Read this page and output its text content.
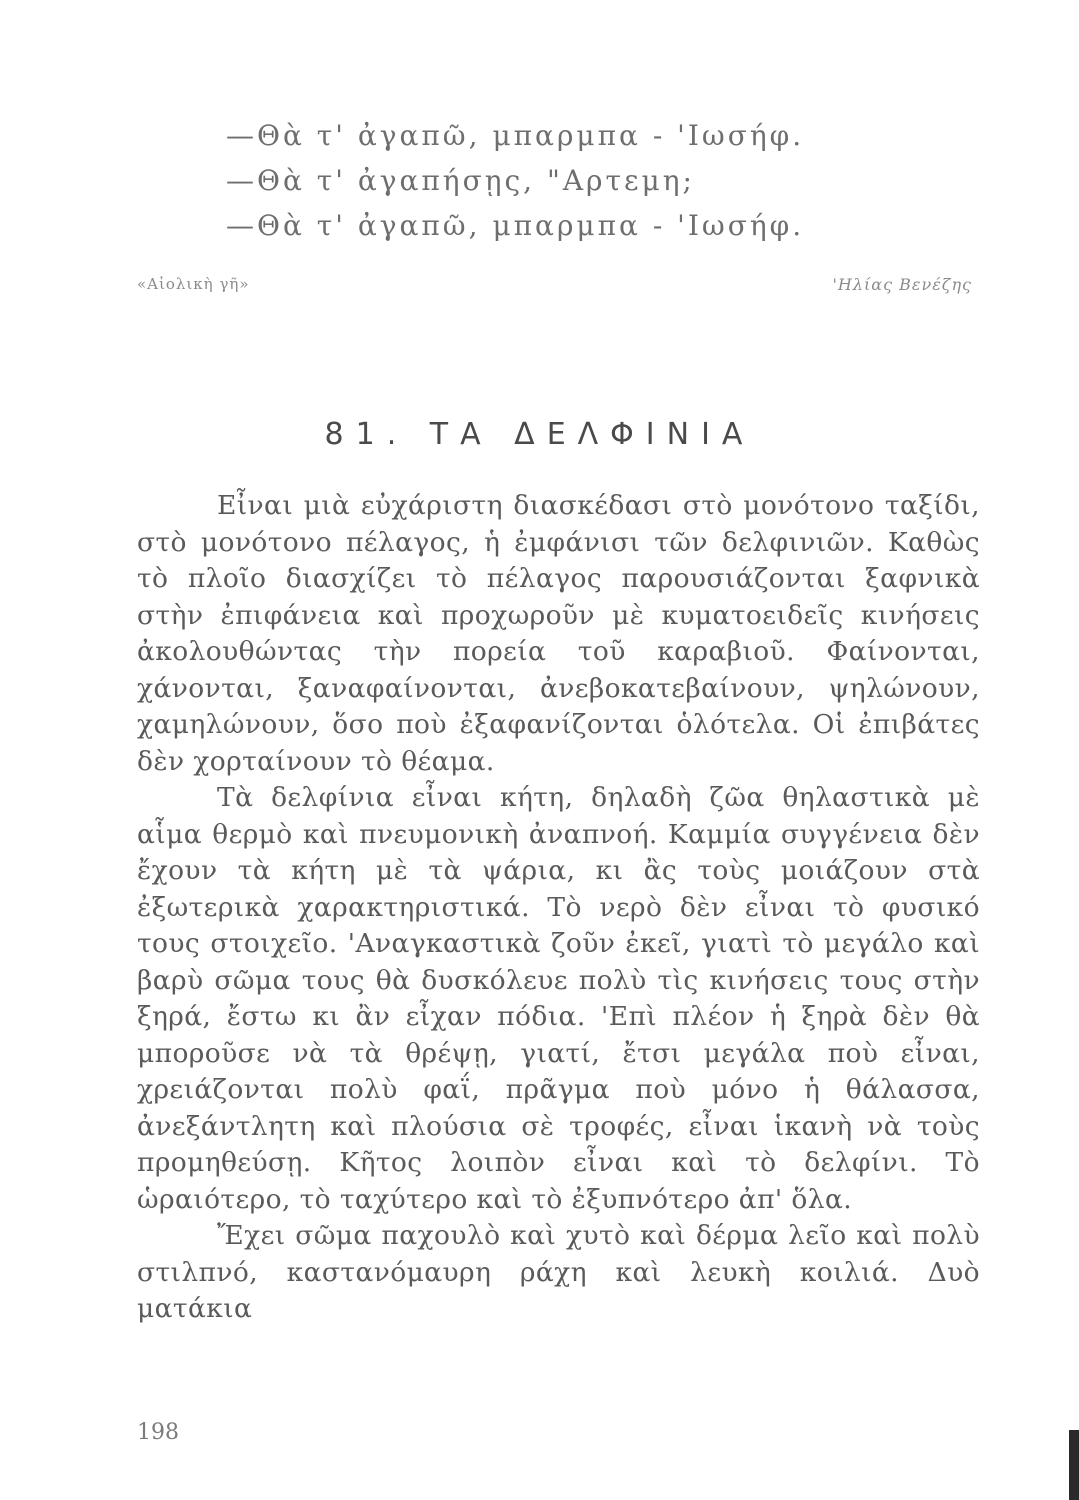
—Θὰ τ' ἀγαπῶ, μπαρμπα - 'Ιωσήφ.
—Θὰ τ' ἀγαπήσῃς, "Αρτεμη;
—Θὰ τ' ἀγαπῶ, μπαρμπα - 'Ιωσήφ.
«Αἰολικὴ γῆ»	'Ηλίας Βενέζης
81. ΤΑ ΔΕΛΦΙΝΙΑ

Εἶναι μιὰ εὐχάριστη διασκέδασι στὸ μονότονο ταξίδι, στὸ μονότονο πέλαγος, ἡ ἐμφάνισι τῶν δελφινιῶν. Καθὼς τὸ πλοῖο διασχίζει τὸ πέλαγος παρουσιάζονται ξαφνικὰ στὴν ἐπιφάνεια καὶ προχωροῦν μὲ κυματοειδεῖς κινήσεις ἀκολουθώντας τὴν πορεία τοῦ καραβιοῦ. Φαίνονται, χάνονται, ξαναφαίνονται, ἀνεβοκατεβαίνουν, ψηλώνουν, χαμηλώνουν, ὅσο ποὺ ἐξαφανίζονται ὁλότελα. Οἱ ἐπιβάτες δὲν χορταίνουν τὸ θέαμα.

Τὰ δελφίνια εἶναι κήτη, δηλαδὴ ζῶα θηλαστικὰ μὲ αἷμα θερμὸ καὶ πνευμονικὴ ἀναπνοή. Καμμία συγγένεια δὲν ἔχουν τὰ κήτη μὲ τὰ ψάρια, κι ἂς τοὺς μοιάζουν στὰ ἐξωτερικὰ χαρακτηριστικά. Τὸ νερὸ δὲν εἶναι τὸ φυσικό τους στοιχεῖο. 'Αναγκαστικὰ ζοῦν ἐκεῖ, γιατὶ τὸ μεγάλο καὶ βαρὺ σῶμα τους θὰ δυσκόλευε πολὺ τὶς κινήσεις τους στὴν ξηρά, ἔστω κι ἂν εἶχαν πόδια. 'Επὶ πλέον ἡ ξηρὰ δὲν θὰ μποροῦσε νὰ τὰ θρέψῃ, γιατί, ἔτσι μεγάλα ποὺ εἶναι, χρειάζονται πολὺ φαΐ, πρᾶγμα ποὺ μόνο ἡ θάλασσα, ἀνεξάντλητη καὶ πλούσια σὲ τροφές, εἶναι ἱκανὴ νὰ τοὺς προμηθεύσῃ. Κῆτος λοιπὸν εἶναι καὶ τὸ δελφίνι. Τὸ ὡραιότερο, τὸ ταχύτερο καὶ τὸ ἐξυπνότερο ἀπ' ὅλα.

Ἔχει σῶμα παχουλὸ καὶ χυτὸ καὶ δέρμα λεῖο καὶ πολὺ στιλπνό, καστανόμαυρη ράχη καὶ λευκὴ κοιλιά. Δυὸ ματάκια

198
